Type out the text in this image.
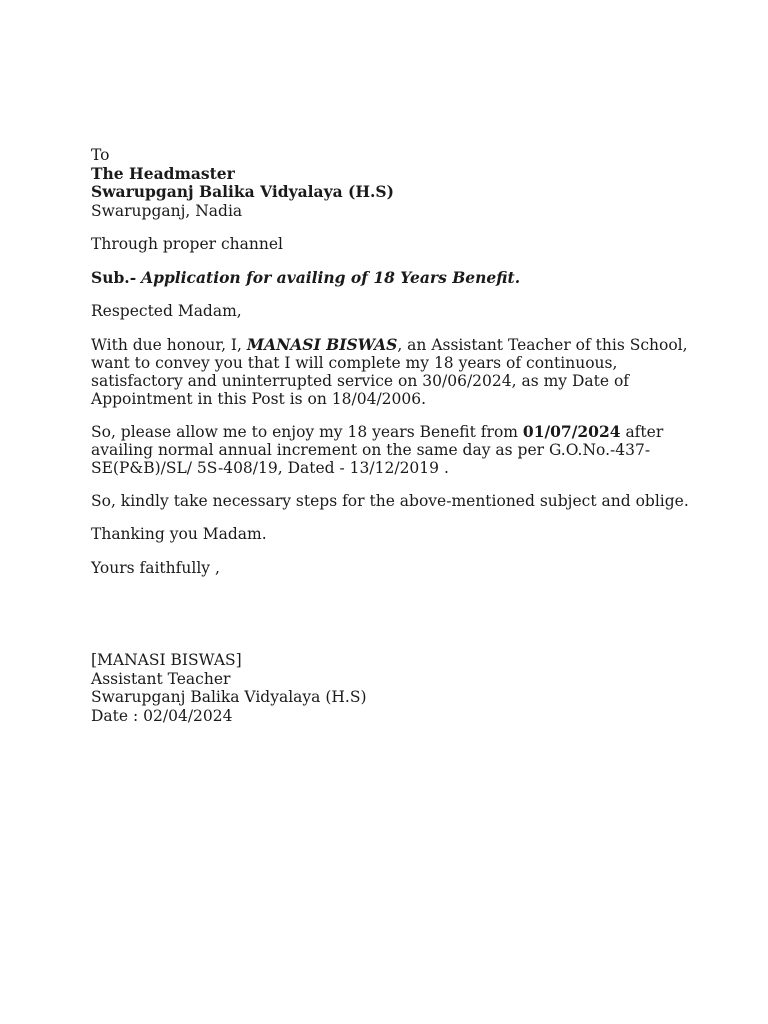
To
The Headmaster
Swarupganj Balika Vidyalaya (H.S)
Swarupganj, Nadia
Through proper channel
Sub.- Application for availing of 18 Years Benefit.
Respected Madam,

With due honour, I, MANASI BISWAS, an Assistant Teacher of this School, want to convey you that I will complete my 18 years of continuous, satisfactory and uninterrupted service on 30/06/2024, as my Date of Appointment in this Post is on 18/04/2006.

So, please allow me to enjoy my 18 years Benefit from 01/07/2024 after availing normal annual increment on the same day as per G.O.No.-437-SE(P&B)/SL/ 5S-408/19, Dated - 13/12/2019 .

So, kindly take necessary steps for the above-mentioned subject and oblige.
Thanking you Madam.
Yours faithfully ,
[MANASI BISWAS]
Assistant Teacher
Swarupganj Balika Vidyalaya (H.S)
Date : 02/04/2024
